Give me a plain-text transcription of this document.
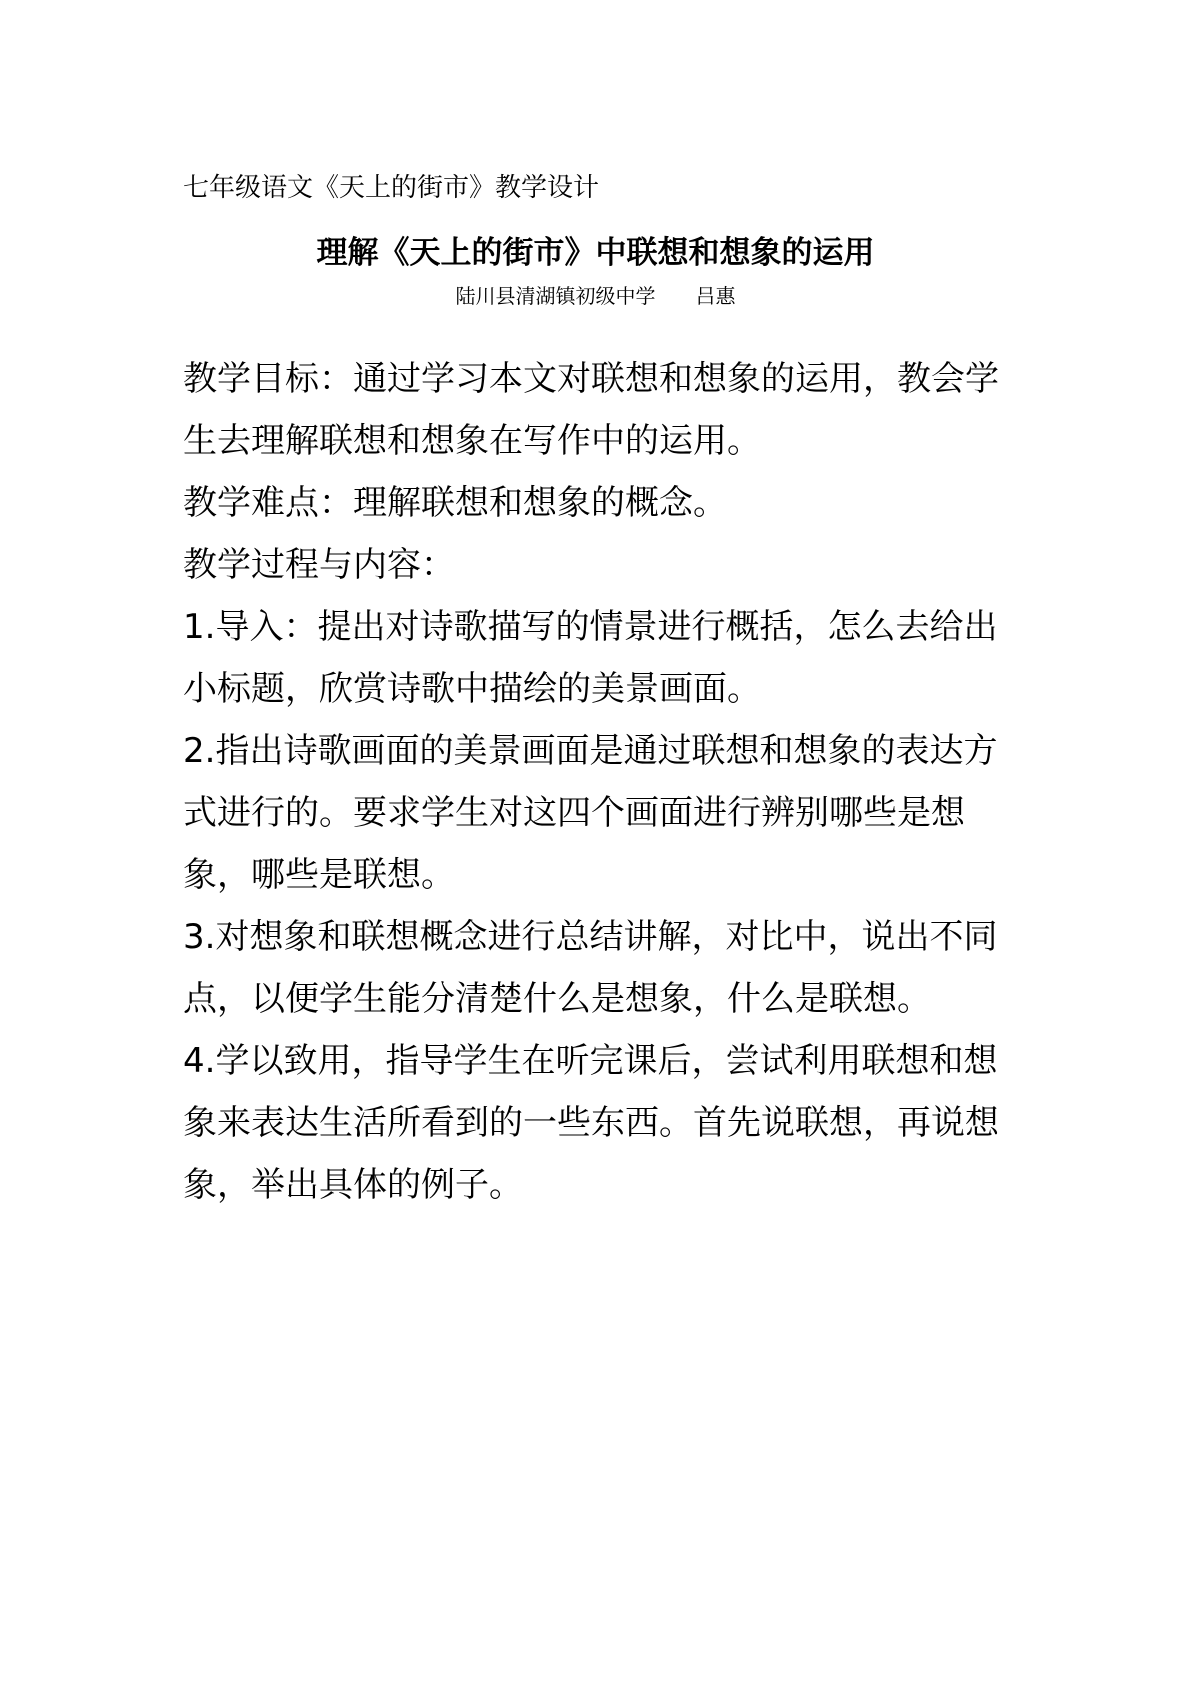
七年级语文《天上的街市》教学设计
理解《天上的街市》中联想和想象的运用
陆川县清湖镇初级中学　　吕惠

教学目标：通过学习本文对联想和想象的运用，教会学生去理解联想和想象在写作中的运用。

教学难点：理解联想和想象的概念。

教学过程与内容：

1.导入：提出对诗歌描写的情景进行概括，怎么去给出小标题，欣赏诗歌中描绘的美景画面。

2.指出诗歌画面的美景画面是通过联想和想象的表达方式进行的。要求学生对这四个画面进行辨别哪些是想象，哪些是联想。

3.对想象和联想概念进行总结讲解，对比中，说出不同点，以便学生能分清楚什么是想象，什么是联想。

4.学以致用，指导学生在听完课后，尝试利用联想和想象来表达生活所看到的一些东西。首先说联想，再说想象，举出具体的例子。
